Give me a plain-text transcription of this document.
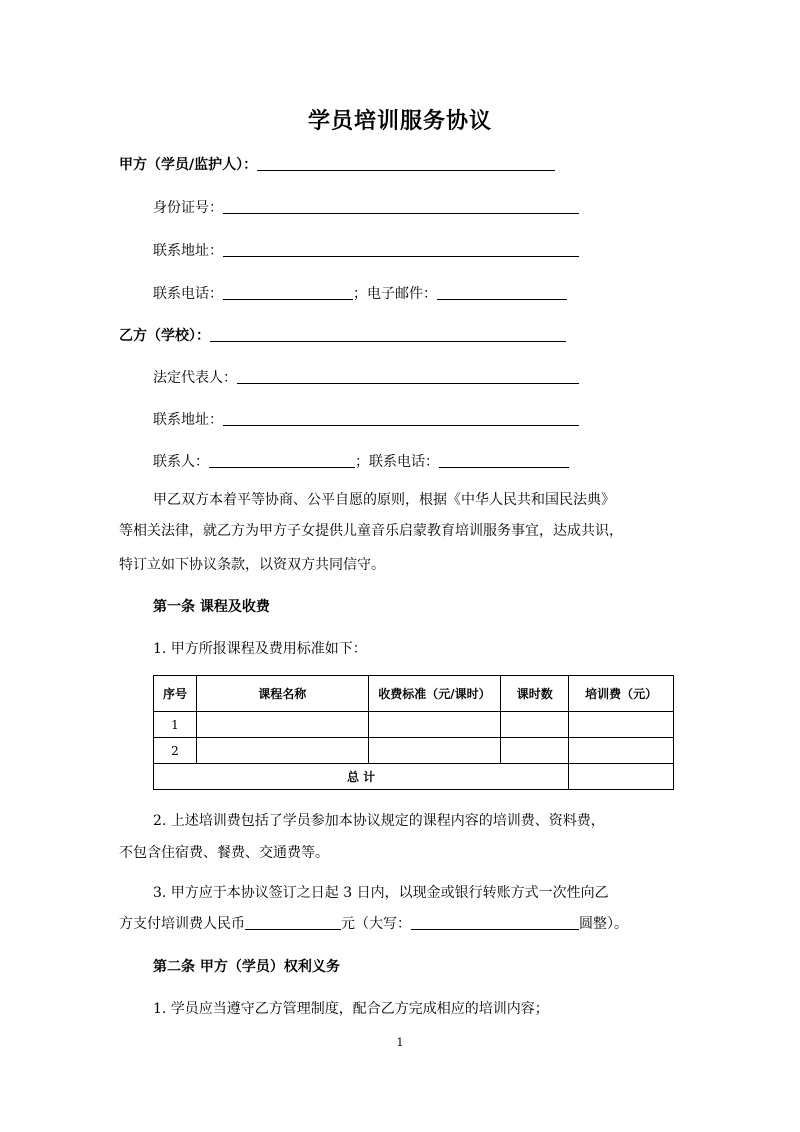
学员培训服务协议
甲方（学员/监护人）：
身份证号：
联系地址：
联系电话：	；电子邮件：
乙方（学校）：
法定代表人：
联系地址：
联系人：	；联系电话：
甲乙双方本着平等协商、公平自愿的原则，根据《中华人民共和国民法典》
等相关法律，就乙方为甲方子女提供儿童音乐启蒙教育培训服务事宜，达成共识，
特订立如下协议条款，以资双方共同信守。
第一条 课程及收费
1. 甲方所报课程及费用标准如下：
序号	课程名称	收费标准（元/课时）	课时数	培训费（元）
1				
2				
总 计				
2. 上述培训费包括了学员参加本协议规定的课程内容的培训费、资料费，
不包含住宿费、餐费、交通费等。
3. 甲方应于本协议签订之日起 3 日内，以现金或银行转账方式一次性向乙
方支付培训费人民币	元（大写：	圆整）。
第二条 甲方（学员）权利义务
1. 学员应当遵守乙方管理制度，配合乙方完成相应的培训内容；
1
